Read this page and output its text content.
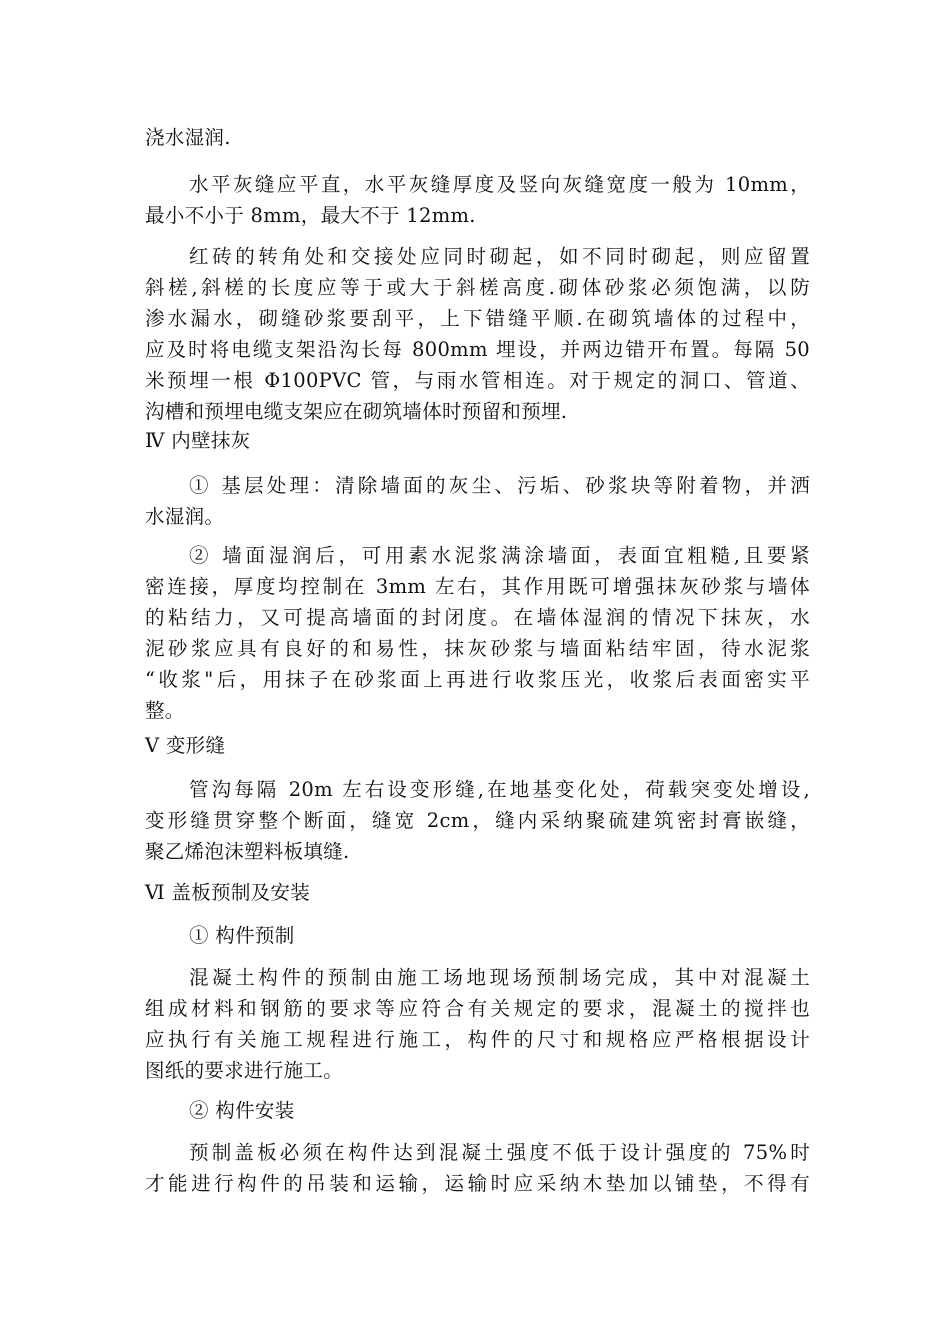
浇水湿润.
水平灰缝应平直，水平灰缝厚度及竖向灰缝宽度一般为 10mm，
最小不小于 8mm，最大不于 12mm.
红砖的转角处和交接处应同时砌起，如不同时砌起，则应留置
斜槎,斜槎的长度应等于或大于斜槎高度.砌体砂浆必须饱满，以防
渗水漏水，砌缝砂浆要刮平，上下错缝平顺.在砌筑墙体的过程中，
应及时将电缆支架沿沟长每 800mm 埋设，并两边错开布置。每隔 50
米预埋一根 Φ100PVC 管，与雨水管相连。对于规定的洞口、管道、
沟槽和预埋电缆支架应在砌筑墙体时预留和预埋.
Ⅳ 内壁抹灰
① 基层处理：清除墙面的灰尘、污垢、砂浆块等附着物，并洒
水湿润。
② 墙面湿润后，可用素水泥浆满涂墙面，表面宜粗糙,且要紧
密连接，厚度均控制在 3mm 左右，其作用既可增强抹灰砂浆与墙体
的粘结力，又可提高墙面的封闭度。在墙体湿润的情况下抹灰，水
泥砂浆应具有良好的和易性，抹灰砂浆与墙面粘结牢固，待水泥浆
“收浆"后，用抹子在砂浆面上再进行收浆压光，收浆后表面密实平
整。
Ⅴ 变形缝
管沟每隔 20m 左右设变形缝,在地基变化处，荷载突变处增设,
变形缝贯穿整个断面，缝宽 2cm，缝内采纳聚硫建筑密封膏嵌缝，
聚乙烯泡沫塑料板填缝.
Ⅵ 盖板预制及安装
① 构件预制
混凝土构件的预制由施工场地现场预制场完成，其中对混凝土
组成材料和钢筋的要求等应符合有关规定的要求，混凝土的搅拌也
应执行有关施工规程进行施工，构件的尺寸和规格应严格根据设计
图纸的要求进行施工。
② 构件安装
预制盖板必须在构件达到混凝土强度不低于设计强度的 75%时
才能进行构件的吊装和运输，运输时应采纳木垫加以铺垫，不得有
